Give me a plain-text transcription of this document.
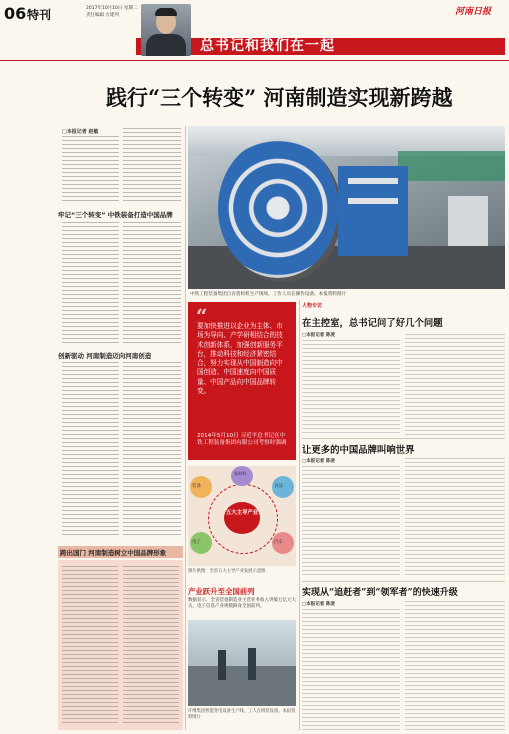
06 特刊	2017年10月10日 星期二
责任编辑 方建列
总书记和我们在一起
河南日报
践行“三个转变” 河南制造实现新跨越
□本报记者 赵敏
牢记“三个转变” 中铁装备打造中国品牌
创新驱动 河南制造迈向河南创造
跨出国门 河南制造树立中国品牌形象
中铁工程装备集团自有盾构机生产现场，工作人员在操作设备。本报资料图片
“
要加快推进以企业为主体、市场为导向、产学研相结合的技术创新体系，加强创新服务平台，推动科技和经济紧密结合，努力实现从中国制造向中国创造、中国速度向中国质量、中国产品向中国品牌转变。
2014年5月10日 习近平总书记在中铁工程装备集团有限公司考察时强调
五大主导产业
装备	食品
电子	汽车
新材料
图片供图：全省五大主导产业发展示意图
产业跃升至全国前列
数据显示，全省装备制造业主营业务收入突破万亿元大关，电子信息产业规模跻身全国前列。
许继集团智能变电设备生产线，工人在组装设备。本报资料图片
人物专访
在主控室，总书记问了好几个问题
□本报记者 陈凌
让更多的中国品牌叫响世界
□本报记者 陈凌
实现从“追赶者”到“领军者”的快速升级
□本报记者 陈凌
